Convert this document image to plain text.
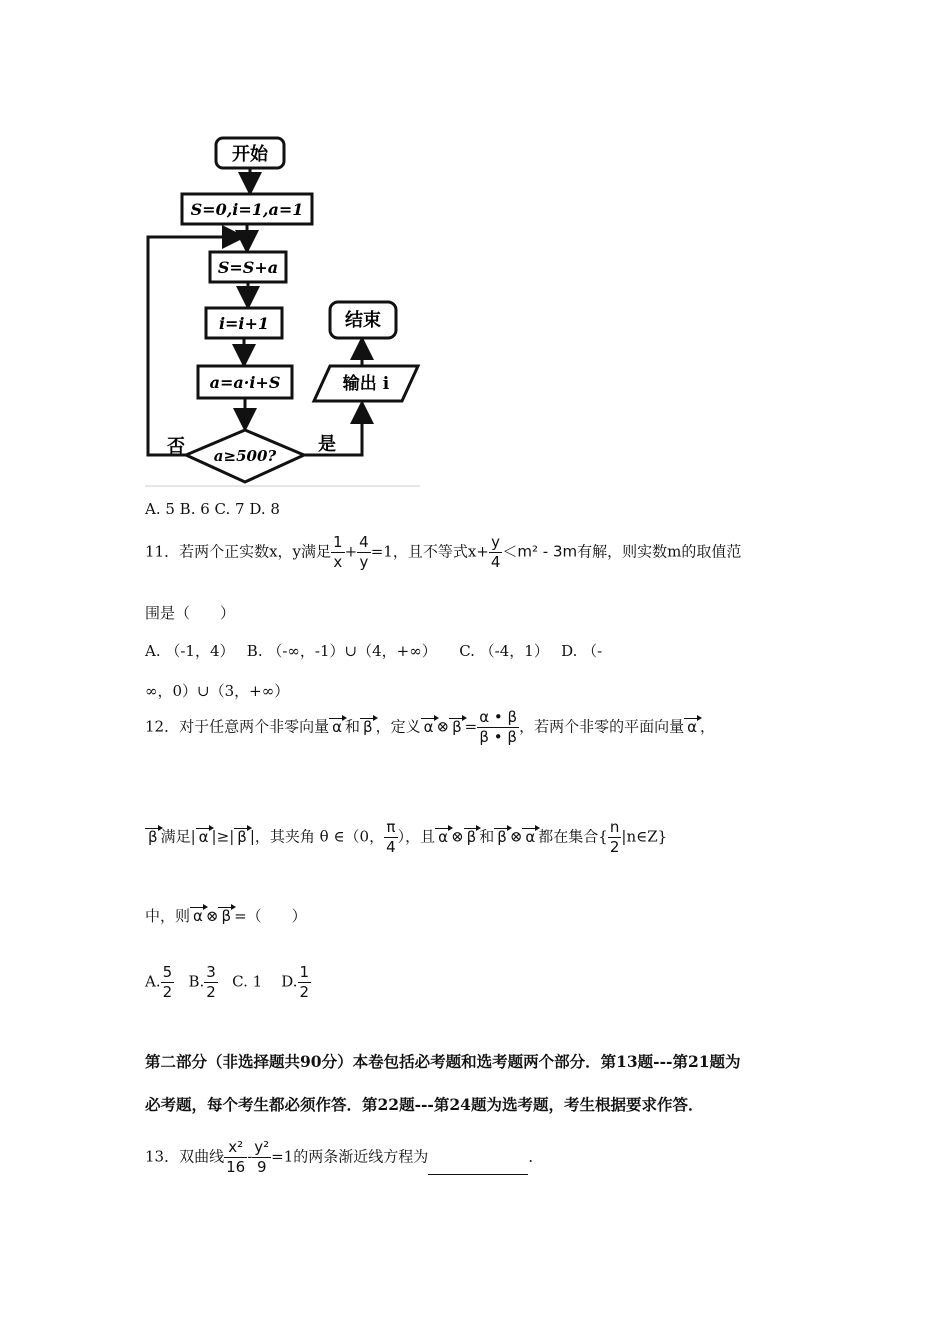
开始
S=0,i=1,a=1
S=S+a
i=i+1
a=a·i+S
a≥500?
否	是
输出 i
结束
A. 5 B. 6 C. 7 D. 8
11．若两个正实数x，y满足 $\frac{1}{x} + \frac{4}{y} =1$，且不等式$x+ \frac{y}{4} <m^2 - 3m$有解，则实数m的取值范
围是（　　）
A. （-1，4）　 B. （-∞，-1）∪（4，+∞）　　C. （-4，1）　 D. （-
∞，0）∪（3，+∞）
12．对于任意两个非零向量 α 和 β ，定义 α ⊗ $\beta = \frac{\alpha • \beta}{\beta • \beta}$ ，若两个非零的平面向量 α ，
β 满足| α |≥| β |，其夹角 θ ∈（0， $\frac{\pi}{4}$ ），且 α ⊗ β 和 β ⊗ α 都在集合{ $\frac{n}{2}$ |n∈Z}
中，则 α ⊗ β =（　　）
A. $\frac{5}{2} B$. $\frac{3}{2} C$. 1 D. $\frac{1}{2}$
第二部分（非选择题共90分）本卷包括必考题和选考题两个部分．第13题---第21题为
必考题，每个考生都必须作答．第22题---第24题为选考题，考生根据要求作答．
13．双曲线 $\frac{\text{x²}}{16} - \frac{\text{y²}}{9} =1$的两条渐近线方程为	．
